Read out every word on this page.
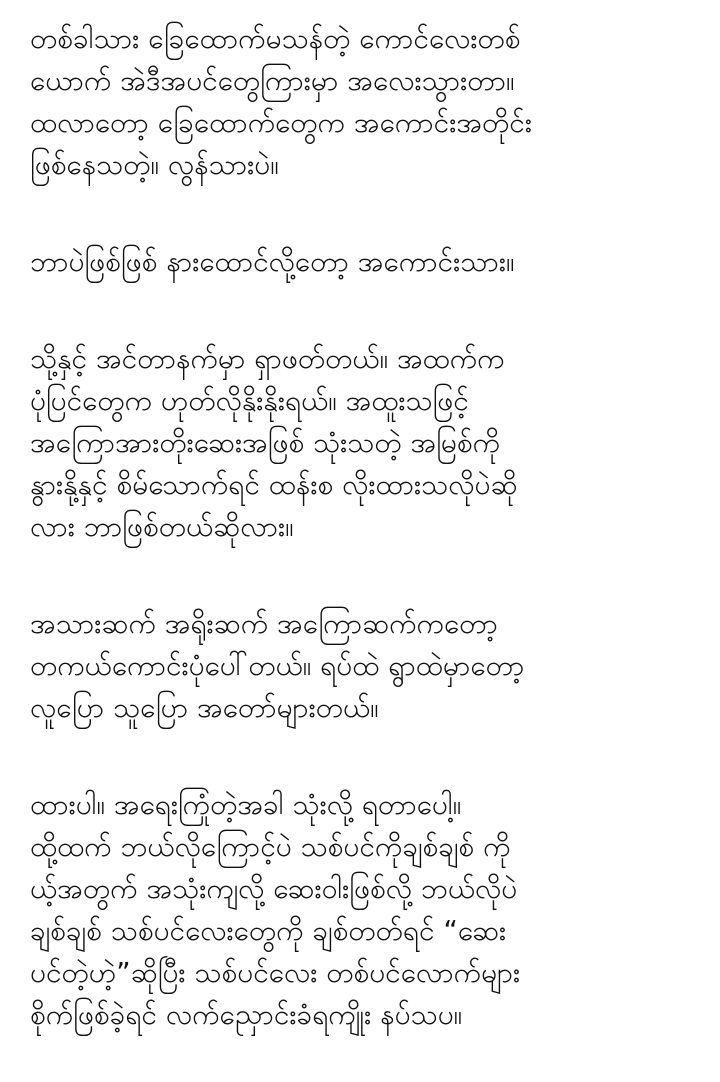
တစ်ခါသား ခြေထောက်မသန်တဲ့ ကောင်လေးတစ်
ယောက် အဲဒီအပင်တွေကြားမှာ အလေးသွားတာ။
ထလာတော့ ခြေထောက်တွေက အကောင်းအတိုင်း
ဖြစ်နေသတဲ့။ လွန်သားပဲ။
ဘာပဲဖြစ်ဖြစ် နားထောင်လို့တော့ အကောင်းသား။
သို့နှင့် အင်တာနက်မှာ ရှာဖတ်တယ်။ အထက်က
ပုံပြင်တွေက ဟုတ်လိုနိုးနိုးရယ်။ အထူးသဖြင့်
အကြောအားတိုးဆေးအဖြစ် သုံးသတဲ့ အမြစ်ကို
နွားနို့နှင့် စိမ်သောက်ရင် ထန်းစ လိုးထားသလိုပဲဆို
လား ဘာဖြစ်တယ်ဆိုလား။
အသားဆက် အရိုးဆက် အကြောဆက်ကတော့
တကယ်ကောင်းပုံပေါ်တယ်။ ရပ်ထဲ ရွာထဲမှာတော့
လူပြော သူပြော အတော်များတယ်။
ထားပါ။ အရေးကြုံတဲ့အခါ သုံးလို့ ရတာပေါ့။
ထို့ထက် ဘယ်လိုကြောင့်ပဲ သစ်ပင်ကိုချစ်ချစ် ကို
ယ့်အတွက် အသုံးကျလို့ ဆေးဝါးဖြစ်လို့ ဘယ်လိုပဲ
ချစ်ချစ် သစ်ပင်လေးတွေကို ချစ်တတ်ရင် “ဆေး
ပင်တဲ့ဟဲ့”ဆိုပြီး သစ်ပင်လေး တစ်ပင်လောက်များ
စိုက်ဖြစ်ခဲ့ရင် လက်ညှောင်းခံရကျိုး နပ်သပ။
